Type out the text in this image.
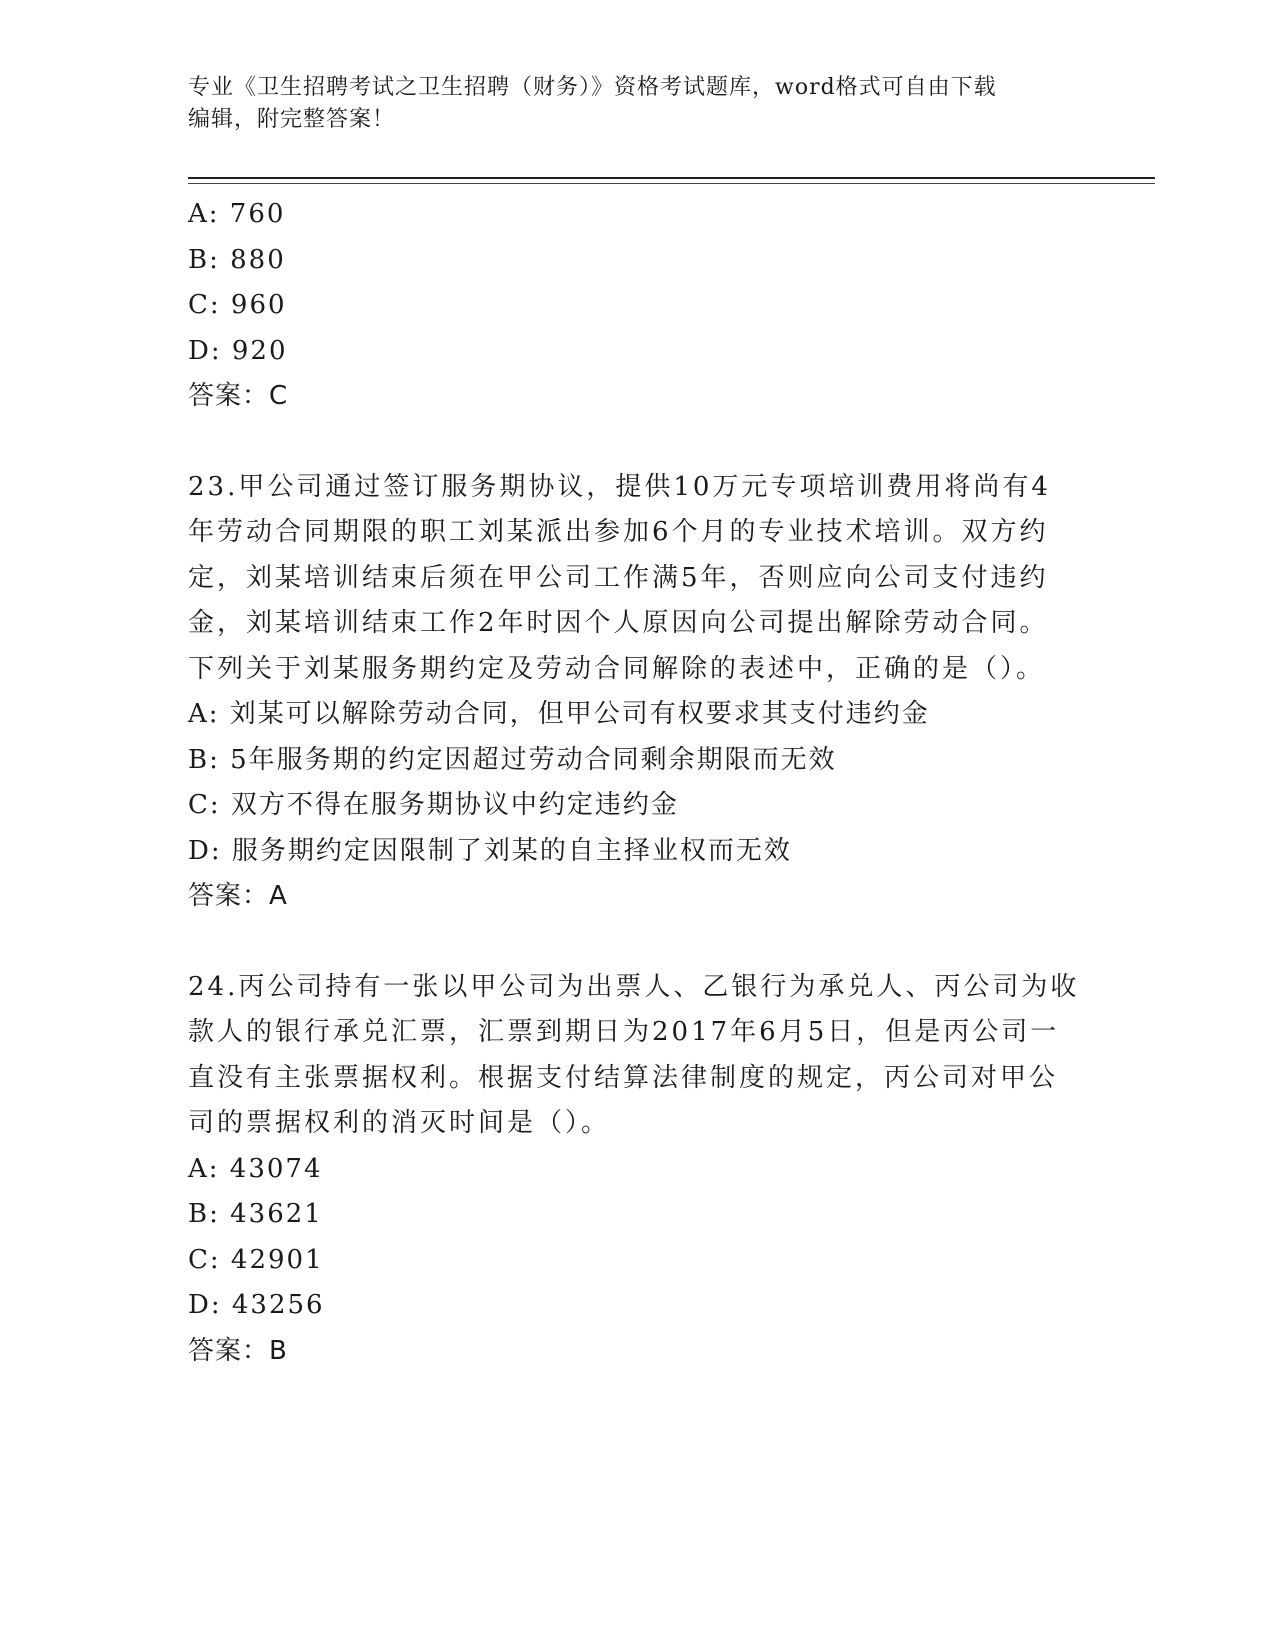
专业《卫生招聘考试之卫生招聘（财务）》资格考试题库，word格式可自由下载
编辑，附完整答案！
A: 760
B: 880
C: 960
D: 920
答案：C
23.甲公司通过签订服务期协议，提供10万元专项培训费用将尚有4
年劳动合同期限的职工刘某派出参加6个月的专业技术培训。双方约
定，刘某培训结束后须在甲公司工作满5年，否则应向公司支付违约
金，刘某培训结束工作2年时因个人原因向公司提出解除劳动合同。
下列关于刘某服务期约定及劳动合同解除的表述中，正确的是（）。
A: 刘某可以解除劳动合同，但甲公司有权要求其支付违约金
B: 5年服务期的约定因超过劳动合同剩余期限而无效
C: 双方不得在服务期协议中约定违约金
D: 服务期约定因限制了刘某的自主择业权而无效
答案：A
24.丙公司持有一张以甲公司为出票人、乙银行为承兑人、丙公司为收
款人的银行承兑汇票，汇票到期日为2017年6月5日，但是丙公司一
直没有主张票据权利。根据支付结算法律制度的规定，丙公司对甲公
司的票据权利的消灭时间是（）。
A: 43074
B: 43621
C: 42901
D: 43256
答案：B
